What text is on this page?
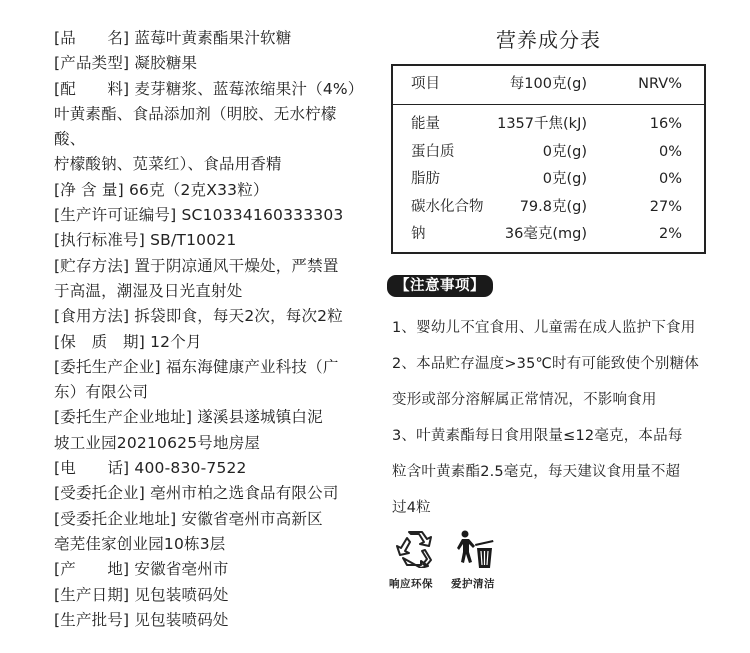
[品　　名] 蓝莓叶黄素酯果汁软糖

[产品类型] 凝胶糖果

[配　　料] 麦芽糖浆、蓝莓浓缩果汁（4%）

叶黄素酯、食品添加剂（明胶、无水柠檬酸、

柠檬酸钠、苋菜红）、食品用香精

[净 含 量] 66克（2克X33粒）

[生产许可证编号] SC10334160333303

[执行标准号] SB/T10021

[贮存方法] 置于阴凉通风干燥处，严禁置

于高温，潮湿及日光直射处

[食用方法] 拆袋即食，每天2次，每次2粒

[保　质　期] 12个月

[委托生产企业] 福东海健康产业科技（广

东）有限公司

[委托生产企业地址] 遂溪县遂城镇白泥

坡工业园20210625号地房屋

[电　　话] 400-830-7522

[受委托企业] 亳州市柏之选食品有限公司

[受委托企业地址] 安徽省亳州市高新区

亳芜佳家创业园10栋3层

[产　　地] 安徽省亳州市

[生产日期] 见包装喷码处

[生产批号] 见包装喷码处

营养成分表
项目	每100克(g)	NRV%
能量	1357千焦(kJ)	16%
蛋白质	0克(g)	0%
脂肪	0克(g)	0%
碳水化合物 79.8克(g)	27%
钠	36毫克(mg)	2%
【注意事项】

1、婴幼儿不宜食用、儿童需在成人监护下食用

2、本品贮存温度>35℃时有可能致使个别糖体

变形或部分溶解属正常情况，不影响食用

3、叶黄素酯每日食用限量≤12毫克，本品每

粒含叶黄素酯2.5毫克，每天建议食用量不超

过4粒

响应环保 爱护清洁
